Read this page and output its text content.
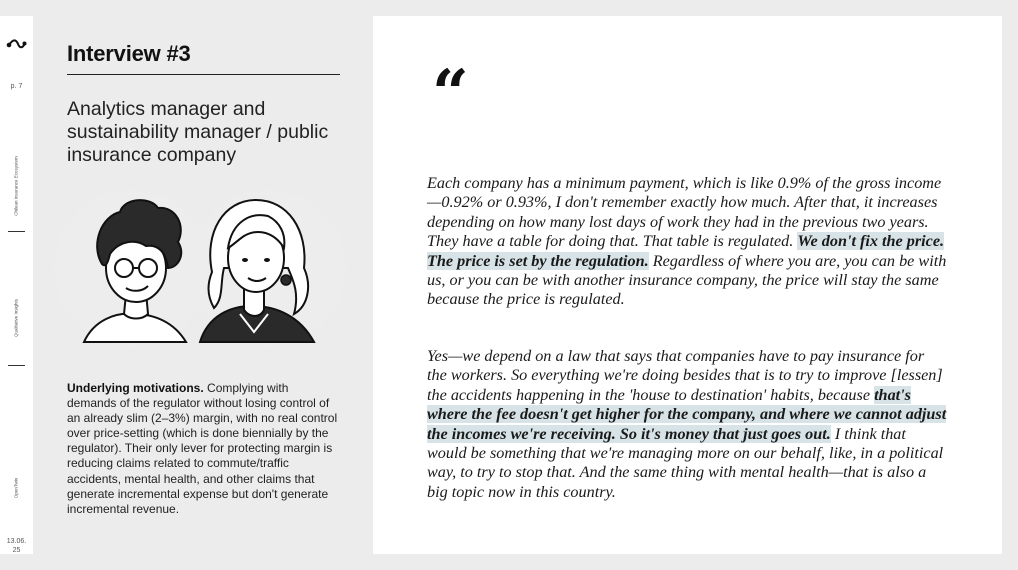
p. 7
Chilean Insurance Ecosystem
Qualitative Insights
OpenTwin
13.06.
25
Interview #3

Analytics manager and sustainability manager / public insurance company

Underlying motivations. Complying with demands of the regulator without losing control of an already slim (2–3%) margin, with no real control over price-setting (which is done biennially by the regulator). Their only lever for protecting margin is reducing claims related to commute/traffic accidents, mental health, and other claims that generate incremental expense but don't generate incremental revenue.

“

Each company has a minimum payment, which is like 0.9% of the gross income—0.92% or 0.93%, I don't remember exactly how much. After that, it increases depending on how many lost days of work they had in the previous two years. They have a table for doing that. That table is regulated. We don't fix the price. The price is set by the regulation. Regardless of where you are, you can be with us, or you can be with another insurance company, the price will stay the same because the price is regulated.

Yes—we depend on a law that says that companies have to pay insurance for the workers. So everything we're doing besides that is to try to improve [lessen] the accidents happening in the 'house to destination' habits, because that's where the fee doesn't get higher for the company, and where we cannot adjust the incomes we're receiving. So it's money that just goes out. I think that would be something that we're managing more on our behalf, like, in a political way, to try to stop that. And the same thing with mental health—that is also a big topic now in this country.
